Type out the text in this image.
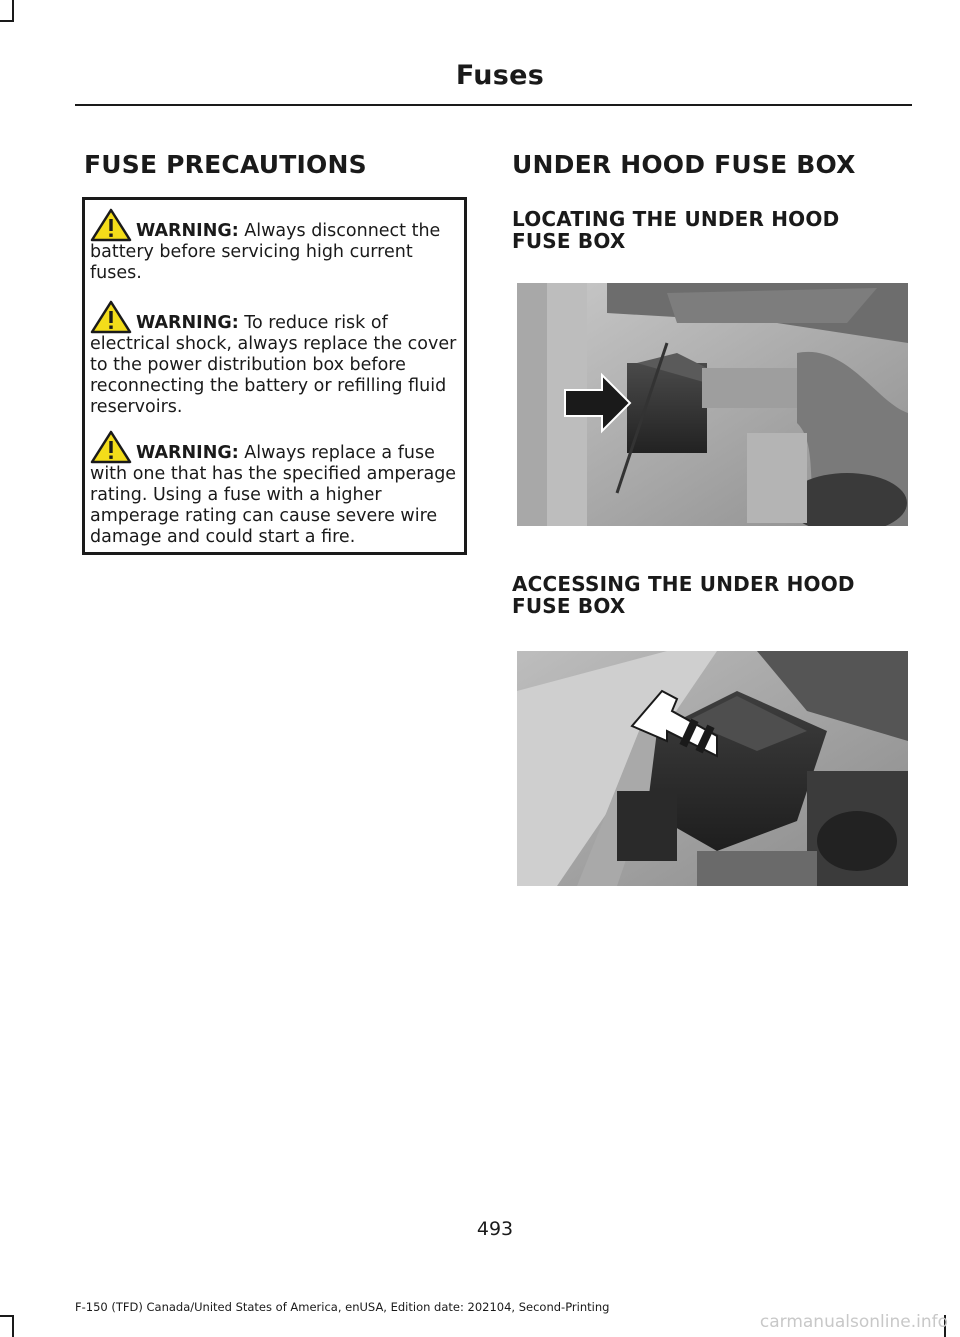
Fuses
FUSE PRECAUTIONS
WARNING: Always disconnect the battery before servicing high current fuses.
WARNING: To reduce risk of electrical shock, always replace the cover to the power distribution box before reconnecting the battery or refilling fluid reservoirs.
WARNING: Always replace a fuse with one that has the specified amperage rating. Using a fuse with a higher amperage rating can cause severe wire damage and could start a fire.
UNDER HOOD FUSE BOX
LOCATING THE UNDER HOOD FUSE BOX
ACCESSING THE UNDER HOOD FUSE BOX
493
F-150 (TFD) Canada/United States of America, enUSA, Edition date: 202104, Second-Printing
carmanualsonline.info
